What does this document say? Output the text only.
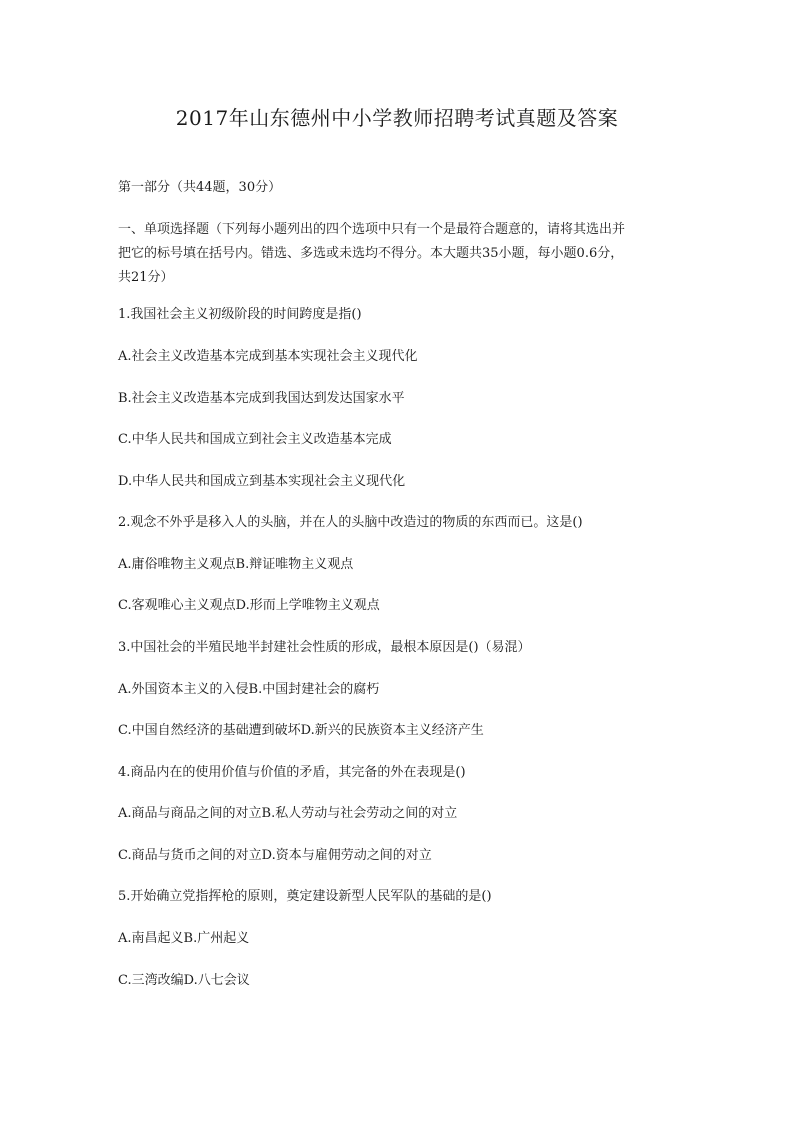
2017年山东德州中小学教师招聘考试真题及答案
第一部分（共44题，30分）
一、单项选择题（下列每小题列出的四个选项中只有一个是最符合题意的，请将其选出并
把它的标号填在括号内。错选、多选或未选均不得分。本大题共35小题，每小题0.6分，
共21分）
1.我国社会主义初级阶段的时间跨度是指()
A.社会主义改造基本完成到基本实现社会主义现代化
B.社会主义改造基本完成到我国达到发达国家水平
C.中华人民共和国成立到社会主义改造基本完成
D.中华人民共和国成立到基本实现社会主义现代化
2.观念不外乎是移入人的头脑，并在人的头脑中改造过的物质的东西而已。这是()
A.庸俗唯物主义观点B.辩证唯物主义观点
C.客观唯心主义观点D.形而上学唯物主义观点
3.中国社会的半殖民地半封建社会性质的形成，最根本原因是()（易混）
A.外国资本主义的入侵B.中国封建社会的腐朽
C.中国自然经济的基础遭到破坏D.新兴的民族资本主义经济产生
4.商品内在的使用价值与价值的矛盾，其完备的外在表现是()
A.商品与商品之间的对立B.私人劳动与社会劳动之间的对立
C.商品与货币之间的对立D.资本与雇佣劳动之间的对立
5.开始确立党指挥枪的原则，奠定建设新型人民军队的基础的是()
A.南昌起义B.广州起义
C.三湾改编D.八七会议
